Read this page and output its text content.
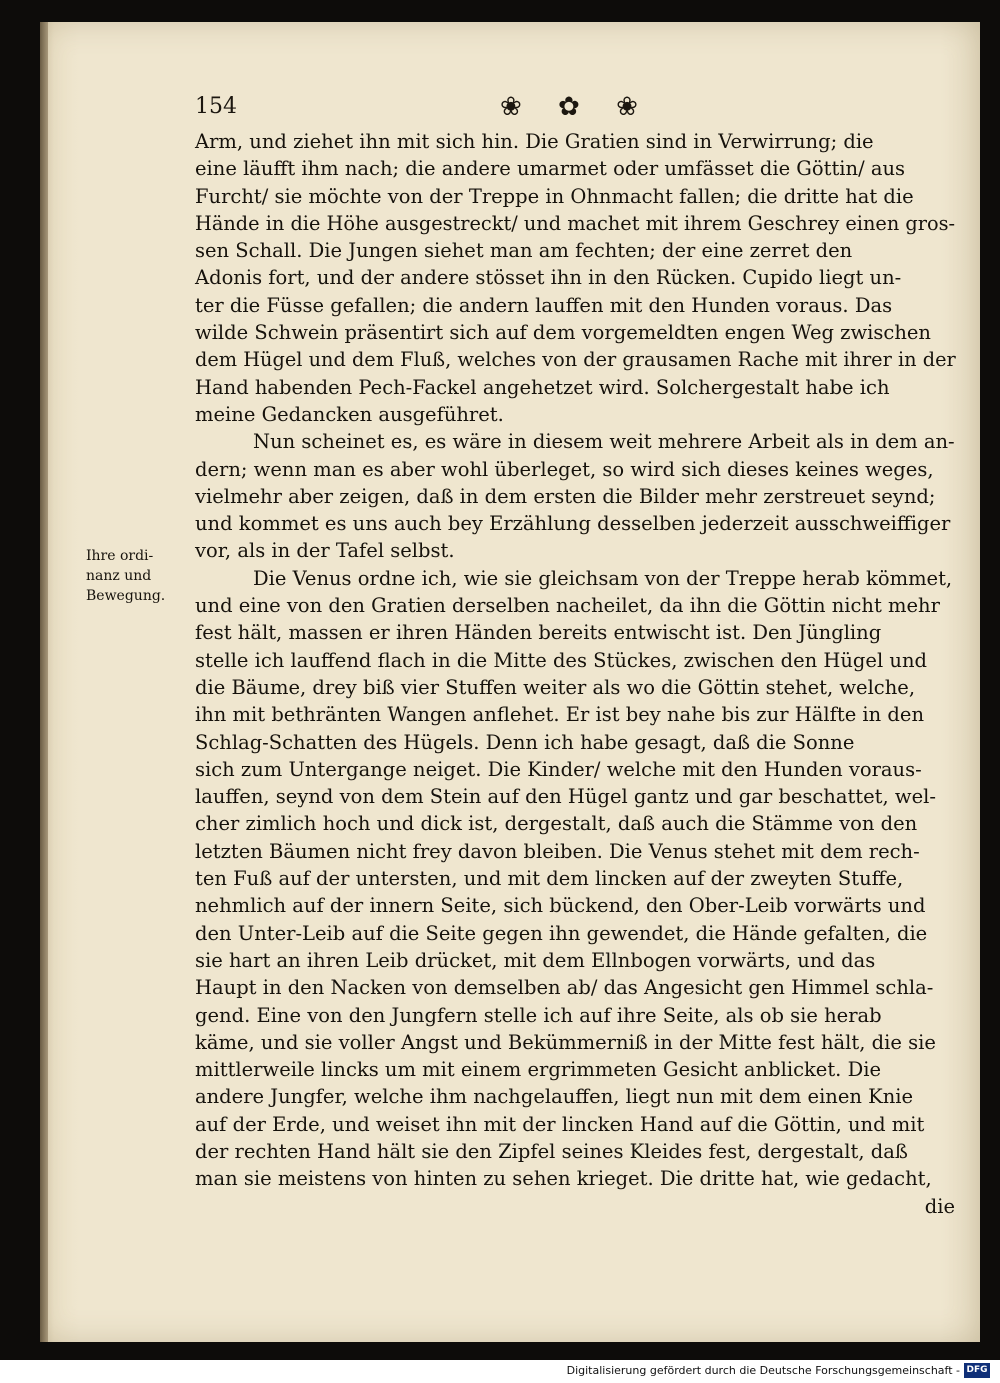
154	❀ ✿ ❀
Ihre ordi-
nanz und
Bewegung.
Arm, und ziehet ihn mit sich hin. Die Gratien sind in Verwirrung; die
eine läufft ihm nach; die andere umarmet oder umfässet die Göttin/ aus
Furcht/ sie möchte von der Treppe in Ohnmacht fallen; die dritte hat die
Hände in die Höhe ausgestreckt/ und machet mit ihrem Geschrey einen gros-
sen Schall. Die Jungen siehet man am fechten; der eine zerret den
Adonis fort, und der andere stösset ihn in den Rücken. Cupido liegt un-
ter die Füsse gefallen; die andern lauffen mit den Hunden voraus. Das
wilde Schwein präsentirt sich auf dem vorgemeldten engen Weg zwischen
dem Hügel und dem Fluß, welches von der grausamen Rache mit ihrer in der
Hand habenden Pech-Fackel angehetzet wird. Solchergestalt habe ich
meine Gedancken ausgeführet.
Nun scheinet es, es wäre in diesem weit mehrere Arbeit als in dem an-
dern; wenn man es aber wohl überleget, so wird sich dieses keines weges,
vielmehr aber zeigen, daß in dem ersten die Bilder mehr zerstreuet seynd;
und kommet es uns auch bey Erzählung desselben jederzeit ausschweiffiger
vor, als in der Tafel selbst.
Die Venus ordne ich, wie sie gleichsam von der Treppe herab kömmet,
und eine von den Gratien derselben nacheilet, da ihn die Göttin nicht mehr
fest hält, massen er ihren Händen bereits entwischt ist. Den Jüngling
stelle ich lauffend flach in die Mitte des Stückes, zwischen den Hügel und
die Bäume, drey biß vier Stuffen weiter als wo die Göttin stehet, welche,
ihn mit bethränten Wangen anflehet. Er ist bey nahe bis zur Hälfte in den
Schlag-Schatten des Hügels. Denn ich habe gesagt, daß die Sonne
sich zum Untergange neiget. Die Kinder/ welche mit den Hunden voraus-
lauffen, seynd von dem Stein auf den Hügel gantz und gar beschattet, wel-
cher zimlich hoch und dick ist, dergestalt, daß auch die Stämme von den
letzten Bäumen nicht frey davon bleiben. Die Venus stehet mit dem rech-
ten Fuß auf der untersten, und mit dem lincken auf der zweyten Stuffe,
nehmlich auf der innern Seite, sich bückend, den Ober-Leib vorwärts und
den Unter-Leib auf die Seite gegen ihn gewendet, die Hände gefalten, die
sie hart an ihren Leib drücket, mit dem Ellnbogen vorwärts, und das
Haupt in den Nacken von demselben ab/ das Angesicht gen Himmel schla-
gend. Eine von den Jungfern stelle ich auf ihre Seite, als ob sie herab
käme, und sie voller Angst und Bekümmerniß in der Mitte fest hält, die sie
mittlerweile lincks um mit einem ergrimmeten Gesicht anblicket. Die
andere Jungfer, welche ihm nachgelauffen, liegt nun mit dem einen Knie
auf der Erde, und weiset ihn mit der lincken Hand auf die Göttin, und mit
der rechten Hand hält sie den Zipfel seines Kleides fest, dergestalt, daß
man sie meistens von hinten zu sehen krieget. Die dritte hat, wie gedacht,
die
Digitalisierung gefördert durch die Deutsche Forschungsgemeinschaft - DFG
